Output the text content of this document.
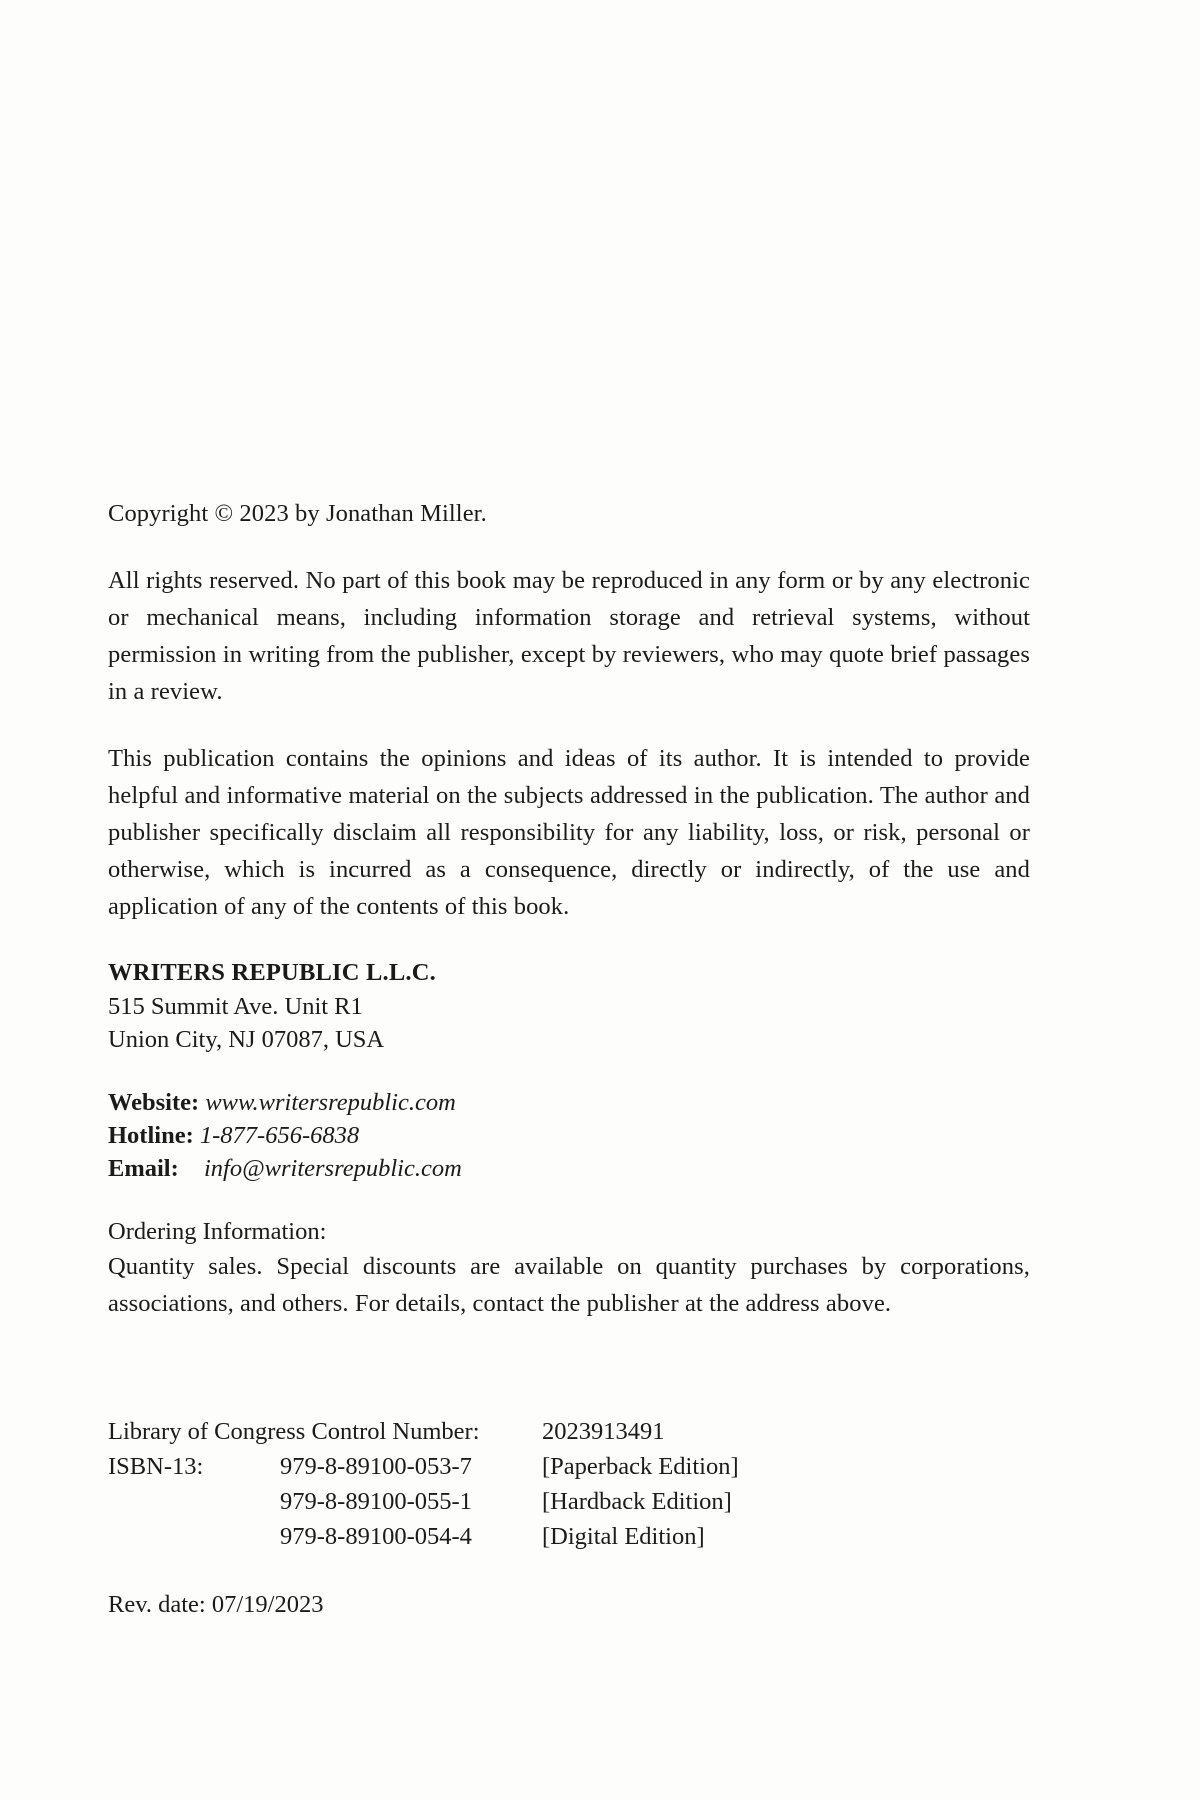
Copyright © 2023 by Jonathan Miller.

All rights reserved. No part of this book may be reproduced in any form or by any electronic or mechanical means, including information storage and retrieval systems, without permission in writing from the publisher, except by reviewers, who may quote brief passages in a review.

This publication contains the opinions and ideas of its author. It is intended to provide helpful and informative material on the subjects addressed in the publication. The author and publisher specifically disclaim all responsibility for any liability, loss, or risk, personal or otherwise, which is incurred as a consequence, directly or indirectly, of the use and application of any of the contents of this book.

WRITERS REPUBLIC L.L.C.
515 Summit Ave. Unit R1
Union City, NJ 07087, USA
Website: www.writersrepublic.com
Hotline: 1-877-656-6838
Email: info@writersrepublic.com
Ordering Information:

Quantity sales. Special discounts are available on quantity purchases by corporations, associations, and others. For details, contact the publisher at the address above.

Library of Congress Control Number:		2023913491
ISBN-13:	979-8-89100-053-7	[Paperback Edition]
	979-8-89100-055-1	[Hardback Edition]
	979-8-89100-054-4	[Digital Edition]
Rev. date: 07/19/2023
